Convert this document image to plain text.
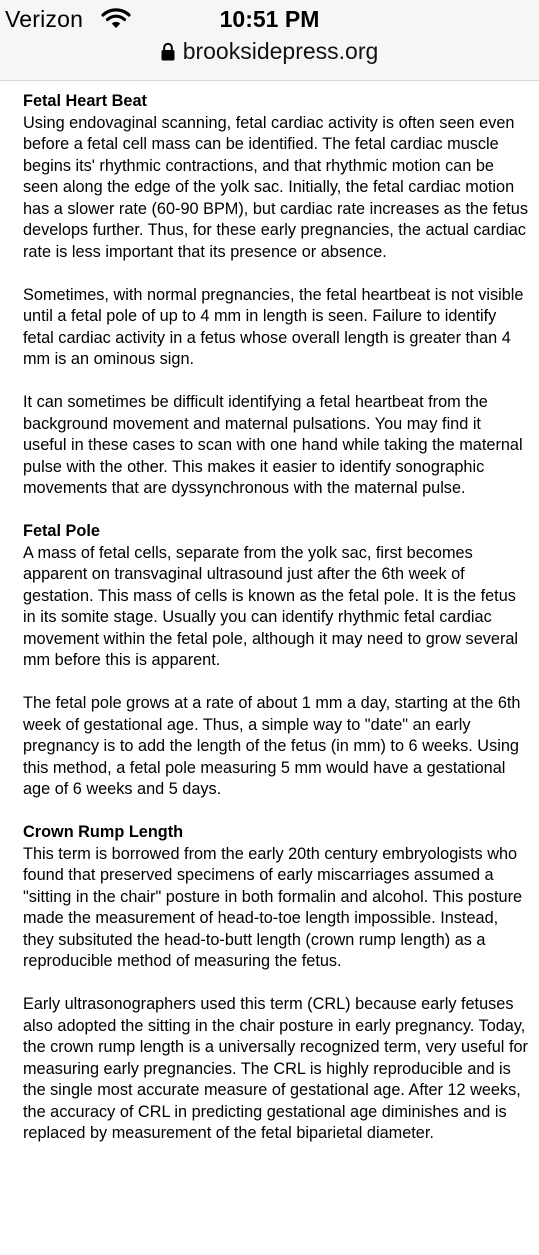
Verizon	10:51 PM
brooksidepress.org
Fetal Heart Beat

Using endovaginal scanning, fetal cardiac activity is often seen even before a fetal cell mass can be identified. The fetal cardiac muscle begins its' rhythmic contractions, and that rhythmic motion can be seen along the edge of the yolk sac. Initially, the fetal cardiac motion has a slower rate (60-90 BPM), but cardiac rate increases as the fetus develops further. Thus, for these early pregnancies, the actual cardiac rate is less important that its presence or absence.

Sometimes, with normal pregnancies, the fetal heartbeat is not visible until a fetal pole of up to 4 mm in length is seen. Failure to identify fetal cardiac activity in a fetus whose overall length is greater than 4 mm is an ominous sign.

It can sometimes be difficult identifying a fetal heartbeat from the background movement and maternal pulsations. You may find it useful in these cases to scan with one hand while taking the maternal pulse with the other. This makes it easier to identify sonographic movements that are dyssynchronous with the maternal pulse.

Fetal Pole

A mass of fetal cells, separate from the yolk sac, first becomes apparent on transvaginal ultrasound just after the 6th week of gestation. This mass of cells is known as the fetal pole. It is the fetus in its somite stage. Usually you can identify rhythmic fetal cardiac movement within the fetal pole, although it may need to grow several mm before this is apparent.

The fetal pole grows at a rate of about 1 mm a day, starting at the 6th week of gestational age. Thus, a simple way to "date" an early pregnancy is to add the length of the fetus (in mm) to 6 weeks. Using this method, a fetal pole measuring 5 mm would have a gestational age of 6 weeks and 5 days.

Crown Rump Length

This term is borrowed from the early 20th century embryologists who found that preserved specimens of early miscarriages assumed a "sitting in the chair" posture in both formalin and alcohol. This posture made the measurement of head-to-toe length impossible. Instead, they subsituted the head-to-butt length (crown rump length) as a reproducible method of measuring the fetus.

Early ultrasonographers used this term (CRL) because early fetuses also adopted the sitting in the chair posture in early pregnancy. Today, the crown rump length is a universally recognized term, very useful for measuring early pregnancies. The CRL is highly reproducible and is the single most accurate measure of gestational age. After 12 weeks, the accuracy of CRL in predicting gestational age diminishes and is replaced by measurement of the fetal biparietal diameter.
